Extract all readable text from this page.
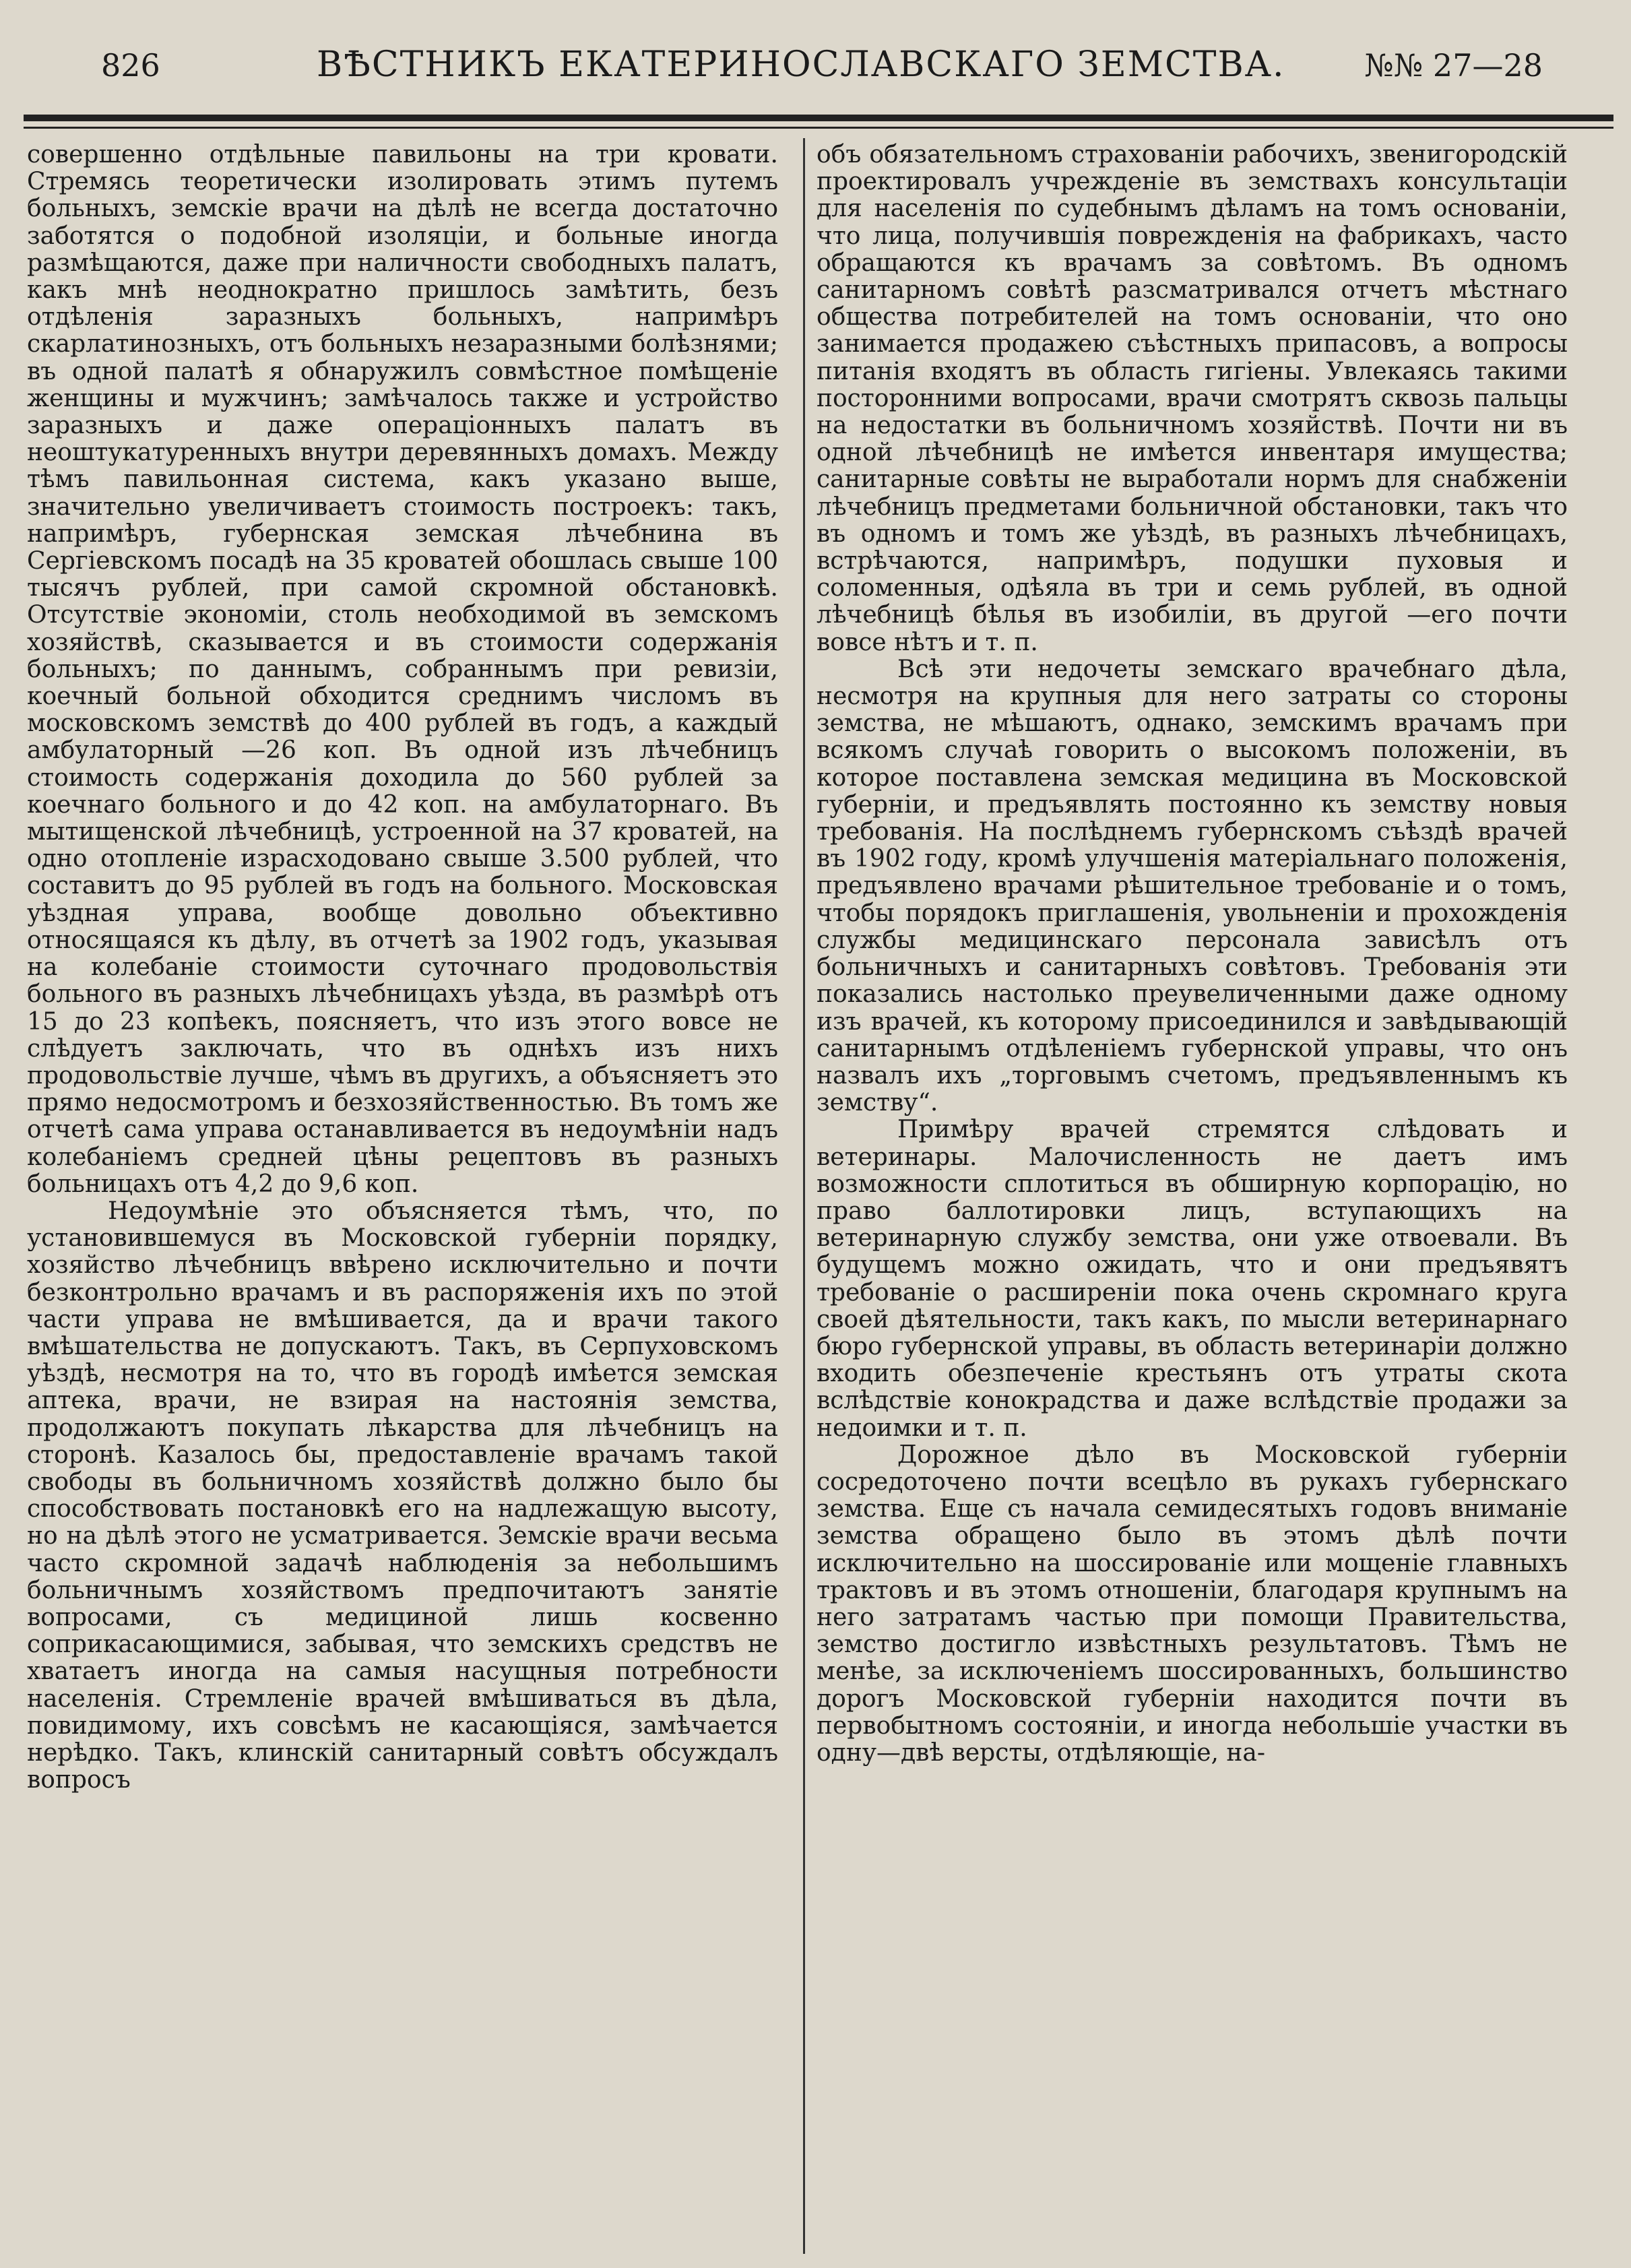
826	ВѢСТНИКЪ ЕКАТЕРИНОСЛАВСКАГО ЗЕМСТВА.	№№ 27—28

совершенно отдѣльные павильоны на три кровати. Стремясь теоретически изолировать этимъ путемъ больныхъ, земскіе врачи на дѣлѣ не всегда достаточно заботятся о подобной изоляціи, и больные иногда размѣщаются, даже при наличности свободныхъ палатъ, какъ мнѣ неоднократно пришлось замѣтить, безъ отдѣленія заразныхъ больныхъ, напримѣръ скарлатинозныхъ, отъ больныхъ незаразными болѣзнями; въ одной палатѣ я обнаружилъ совмѣстное помѣщеніе женщины и мужчинъ; замѣчалось также и устройство заразныхъ и даже операціонныхъ палатъ въ неоштукатуренныхъ внутри деревянныхъ домахъ. Между тѣмъ павильонная система, какъ указано выше, значительно увеличиваетъ стоимость построекъ: такъ, напримѣръ, губернская земская лѣчебнина въ Сергіевскомъ посадѣ на 35 кроватей обошлась свыше 100 тысячъ рублей, при самой скромной обстановкѣ. Отсутствіе экономіи, столь необходимой въ земскомъ хозяйствѣ, сказывается и въ стоимости содержанія больныхъ; по даннымъ, собраннымъ при ревизіи, коечный больной обходится среднимъ числомъ въ московскомъ земствѣ до 400 рублей въ годъ, а каждый амбулаторный —26 коп. Въ одной изъ лѣчебницъ стоимость содержанія доходила до 560 рублей за коечнаго больного и до 42 коп. на амбулаторнаго. Въ мытищенской лѣчебницѣ, устроенной на 37 кроватей, на одно отопленіе израсходовано свыше 3.500 рублей, что составитъ до 95 рублей въ годъ на больного. Московская уѣздная управа, вообще довольно объективно относящаяся къ дѣлу, въ отчетѣ за 1902 годъ, указывая на колебаніе стоимости суточнаго продовольствія больного въ разныхъ лѣчебницахъ уѣзда, въ размѣрѣ отъ 15 до 23 копѣекъ, поясняетъ, что изъ этого вовсе не слѣдуетъ заключать, что въ однѣхъ изъ нихъ продовольствіе лучше, чѣмъ въ другихъ, а объясняетъ это прямо недосмотромъ и безхозяйственностью. Въ томъ же отчетѣ сама управа останавливается въ недоумѣніи надъ колебаніемъ средней цѣны рецептовъ въ разныхъ больницахъ отъ 4,2 до 9,6 коп.

Недоумѣніе это объясняется тѣмъ, что, по установившемуся въ Московской губерніи порядку, хозяйство лѣчебницъ ввѣрено исключительно и почти безконтрольно врачамъ и въ распоряженія ихъ по этой части управа не вмѣшивается, да и врачи такого вмѣшательства не допускаютъ. Такъ, въ Серпуховскомъ уѣздѣ, несмотря на то, что въ городѣ имѣется земская аптека, врачи, не взирая на настоянія земства, продолжаютъ покупать лѣкарства для лѣчебницъ на сторонѣ. Казалось бы, предоставленіе врачамъ такой свободы въ больничномъ хозяйствѣ должно было бы способствовать постановкѣ его на надлежащую высоту, но на дѣлѣ этого не усматривается. Земскіе врачи весьма часто скромной задачѣ наблюденія за небольшимъ больничнымъ хозяйствомъ предпочитаютъ занятіе вопросами, съ медициной лишь косвенно соприкасающимися, забывая, что земскихъ средствъ не хватаетъ иногда на самыя насущныя потребности населенія. Стремленіе врачей вмѣшиваться въ дѣла, повидимому, ихъ совсѣмъ не касающіяся, замѣчается нерѣдко. Такъ, клинскій санитарный совѣтъ обсуждалъ вопросъ

объ обязательномъ страхованіи рабочихъ, звенигородскій проектировалъ учрежденіе въ земствахъ консультаціи для населенія по судебнымъ дѣламъ на томъ основаніи, что лица, получившія поврежденія на фабрикахъ, часто обращаются къ врачамъ за совѣтомъ. Въ одномъ санитарномъ совѣтѣ разсматривался отчетъ мѣстнаго общества потребителей на томъ основаніи, что оно занимается продажею съѣстныхъ припасовъ, а вопросы питанія входятъ въ область гигіены. Увлекаясь такими посторонними вопросами, врачи смотрятъ сквозь пальцы на недостатки въ больничномъ хозяйствѣ. Почти ни въ одной лѣчебницѣ не имѣется инвентаря имущества; санитарные совѣты не выработали нормъ для снабженіи лѣчебницъ предметами больничной обстановки, такъ что въ одномъ и томъ же уѣздѣ, въ разныхъ лѣчебницахъ, встрѣчаются, напримѣръ, подушки пуховыя и соломенныя, одѣяла въ три и семь рублей, въ одной лѣчебницѣ бѣлья въ изобиліи, въ другой —его почти вовсе нѣтъ и т. п.

Всѣ эти недочеты земскаго врачебнаго дѣла, несмотря на крупныя для него затраты со стороны земства, не мѣшаютъ, однако, земскимъ врачамъ при всякомъ случаѣ говорить о высокомъ положеніи, въ которое поставлена земская медицина въ Московской губерніи, и предъявлять постоянно къ земству новыя требованія. На послѣднемъ губернскомъ съѣздѣ врачей въ 1902 году, кромѣ улучшенія матеріальнаго положенія, предъявлено врачами рѣшительное требованіе и о томъ, чтобы порядокъ приглашенія, увольненіи и прохожденія службы медицинскаго персонала зависѣлъ отъ больничныхъ и санитарныхъ совѣтовъ. Требованія эти показались настолько преувеличенными даже одному изъ врачей, къ которому присоединился и завѣдывающій санитарнымъ отдѣленіемъ губернской управы, что онъ назвалъ ихъ „торговымъ счетомъ, предъявленнымъ къ земству“.

Примѣру врачей стремятся слѣдовать и ветеринары. Малочисленность не даетъ имъ возможности сплотиться въ обширную корпорацію, но право баллотировки лицъ, вступающихъ на ветеринарную службу земства, они уже отвоевали. Въ будущемъ можно ожидать, что и они предъявятъ требованіе о расширеніи пока очень скромнаго круга своей дѣятельности, такъ какъ, по мысли ветеринарнаго бюро губернской управы, въ область ветеринаріи должно входить обезпеченіе крестьянъ отъ утраты скота вслѣдствіе конокрадства и даже вслѣдствіе продажи за недоимки и т. п.

Дорожное дѣло въ Московской губерніи сосредоточено почти всецѣло въ рукахъ губернскаго земства. Еще съ начала семидесятыхъ годовъ вниманіе земства обращено было въ этомъ дѣлѣ почти исключительно на шоссированіе или мощеніе главныхъ трактовъ и въ этомъ отношеніи, благодаря крупнымъ на него затратамъ частью при помощи Правительства, земство достигло извѣстныхъ результатовъ. Тѣмъ не менѣе, за исключеніемъ шоссированныхъ, большинство дорогъ Московской губерніи находится почти въ первобытномъ состояніи, и иногда небольшіе участки въ одну—двѣ версты, отдѣляющіе, на-
